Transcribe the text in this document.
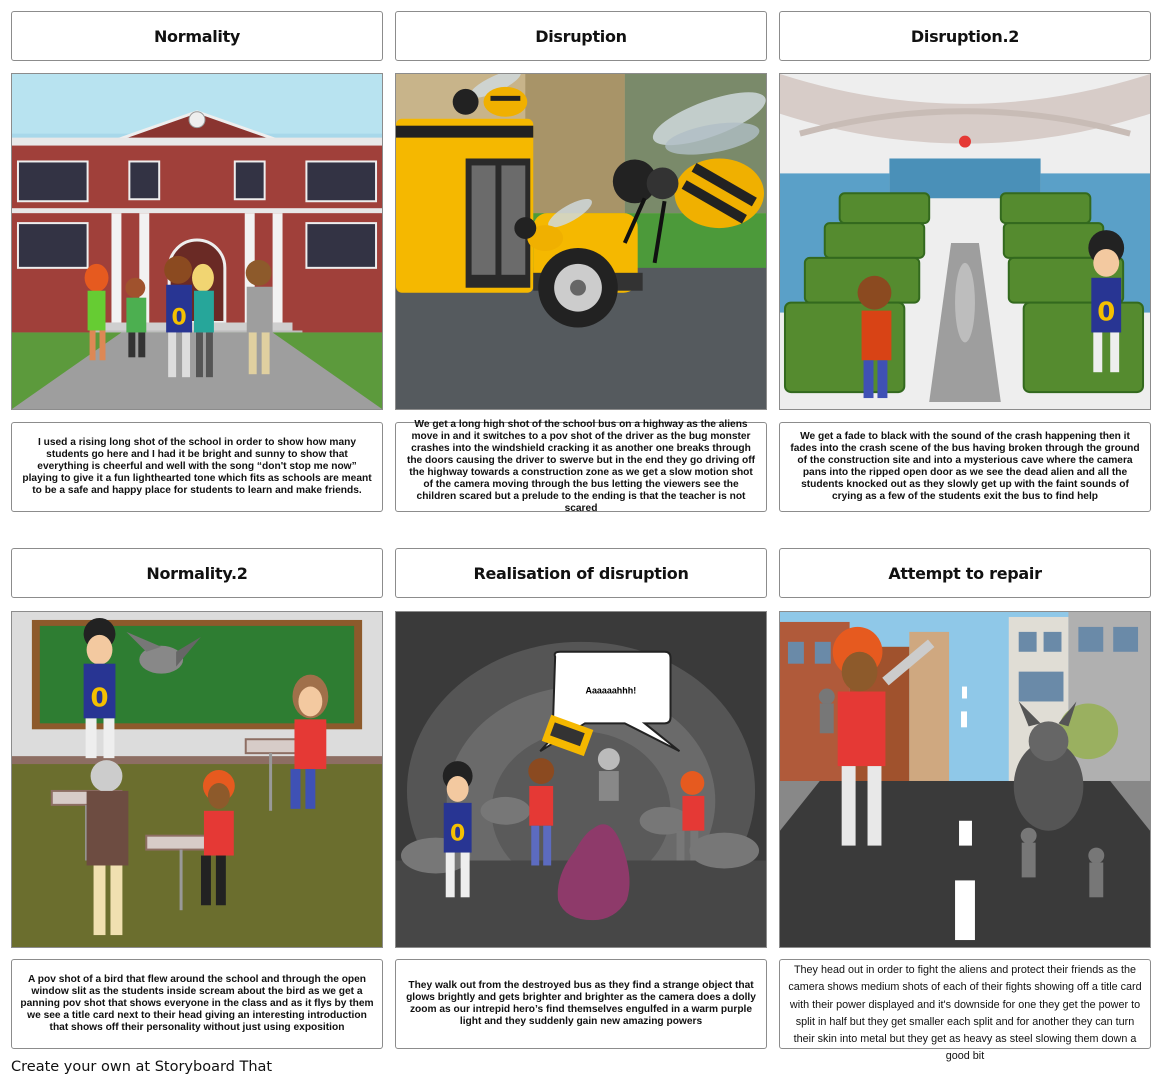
Normality	Disruption	Disruption.2
0	0
I used a rising long shot of the school in order to show how many students go here and I had it be bright and sunny to show that everything is cheerful and well with the song “don't stop me now” playing to give it a fun lighthearted tone which fits as schools are meant to be a safe and happy place for students to learn and make friends.
We get a long high shot of the school bus on a highway as the aliens move in and it switches to a pov shot of the driver as the bug monster crashes into the windshield cracking it as another one breaks through the doors causing the driver to swerve but in the end they go driving off the highway towards a construction zone as we get a slow motion shot of the camera moving through the bus letting the viewers see the children scared but a prelude to the ending is that the teacher is not scared
We get a fade to black with the sound of the crash happening then it fades into the crash scene of the bus having broken through the ground of the construction site and into a mysterious cave where the camera pans into the ripped open door as we see the dead alien and all the students knocked out as they slowly get up with the faint sounds of crying as a few of the students exit the bus to find help
Normality.2	Realisation of disruption	Attempt to repair
0	Aaaaaahhh!
0
A pov shot of a bird that flew around the school and through the open window slit as the students inside scream about the bird as we get a panning pov shot that shows everyone in the class and as it flys by them we see a title card next to their head giving an interesting introduction that shows off their personality without just using exposition
They walk out from the destroyed bus as they find a strange object that glows brightly and gets brighter and brighter as the camera does a dolly zoom as our intrepid hero’s find themselves engulfed in a warm purple light and they suddenly gain new amazing powers
They head out in order to fight the aliens and protect their friends as the camera shows medium shots of each of their fights showing off a title card with their power displayed and it's downside for one they get the power to split in half but they get smaller each split and for another they can turn their skin into metal but they get as heavy as steel slowing them down a good bit
Create your own at Storyboard That
